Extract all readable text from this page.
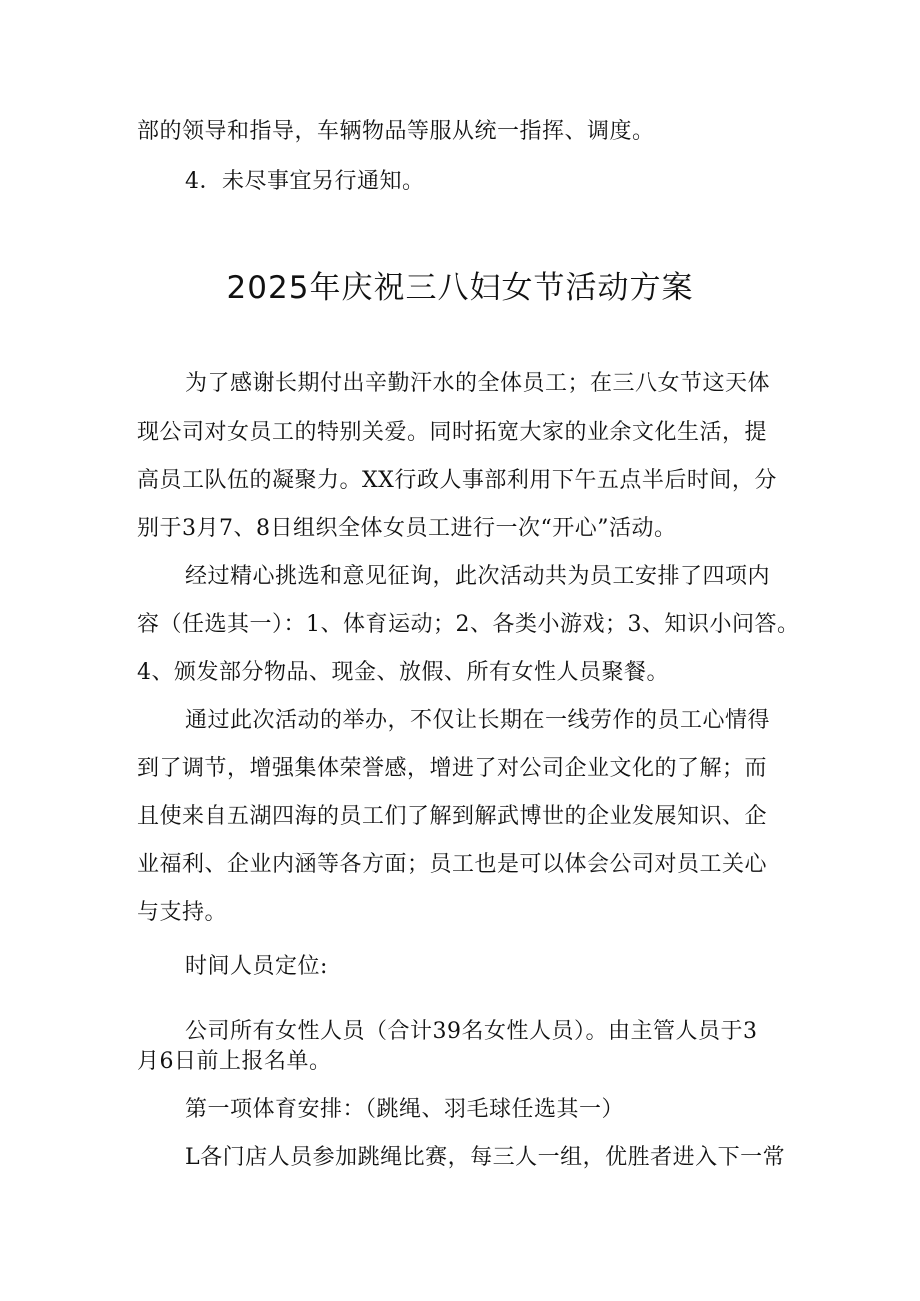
部的领导和指导，车辆物品等服从统一指挥、调度。
4．未尽事宜另行通知。
2025年庆祝三八妇女节活动方案
为了感谢长期付出辛勤汗水的全体员工；在三八女节这天体
现公司对女员工的特别关爱。同时拓宽大家的业余文化生活，提
高员工队伍的凝聚力。XX行政人事部利用下午五点半后时间，分
别于3月7、8日组织全体女员工进行一次“开心”活动。
经过精心挑选和意见征询，此次活动共为员工安排了四项内
容（任选其一）：1、体育运动；2、各类小游戏；3、知识小问答。
4、颁发部分物品、现金、放假、所有女性人员聚餐。
通过此次活动的举办，不仅让长期在一线劳作的员工心情得
到了调节，增强集体荣誉感，增进了对公司企业文化的了解；而
且使来自五湖四海的员工们了解到解武博世的企业发展知识、企
业福利、企业内涵等各方面；员工也是可以体会公司对员工关心
与支持。
时间人员定位:
公司所有女性人员（合计39名女性人员）。由主管人员于3
月6日前上报名单。
第一项体育安排：（跳绳、羽毛球任选其一）
L各门店人员参加跳绳比赛，每三人一组，优胜者进入下一常
